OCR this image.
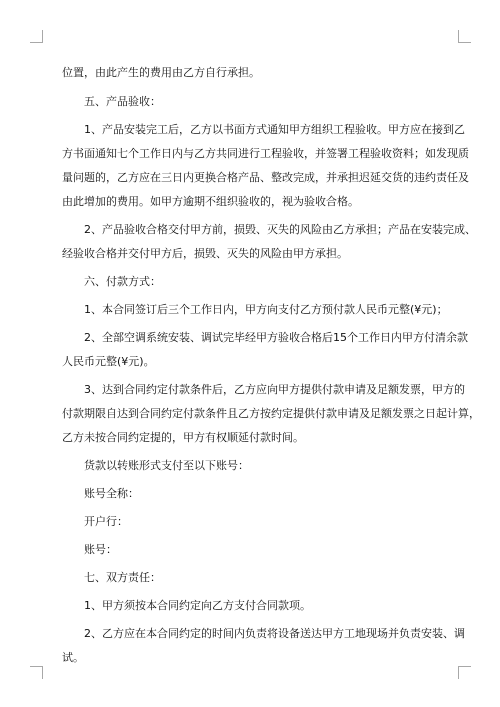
位置，由此产生的费用由乙方自行承担。

五、产品验收：

1、产品安装完工后，乙方以书面方式通知甲方组织工程验收。甲方应在接到乙

方书面通知七个工作日内与乙方共同进行工程验收，并签署工程验收资料；如发现质

量问题的，乙方应在三日内更换合格产品、整改完成，并承担迟延交货的违约责任及

由此增加的费用。如甲方逾期不组织验收的，视为验收合格。

2、产品验收合格交付甲方前，损毁、灭失的风险由乙方承担；产品在安装完成、

经验收合格并交付甲方后，损毁、灭失的风险由甲方承担。

六、付款方式：

1、本合同签订后三个工作日内，甲方向支付乙方预付款人民币元整(¥元)；

2、全部空调系统安装、调试完毕经甲方验收合格后15个工作日内甲方付清余款

人民币元整(¥元)。

3、达到合同约定付款条件后，乙方应向甲方提供付款申请及足额发票，甲方的

付款期限自达到合同约定付款条件且乙方按约定提供付款申请及足额发票之日起计算，

乙方未按合同约定提的，甲方有权顺延付款时间。

货款以转账形式支付至以下账号：

账号全称：

开户行：

账号：

七、双方责任：

1、甲方须按本合同约定向乙方支付合同款项。

2、乙方应在本合同约定的时间内负责将设备送达甲方工地现场并负责安装、调

试。
